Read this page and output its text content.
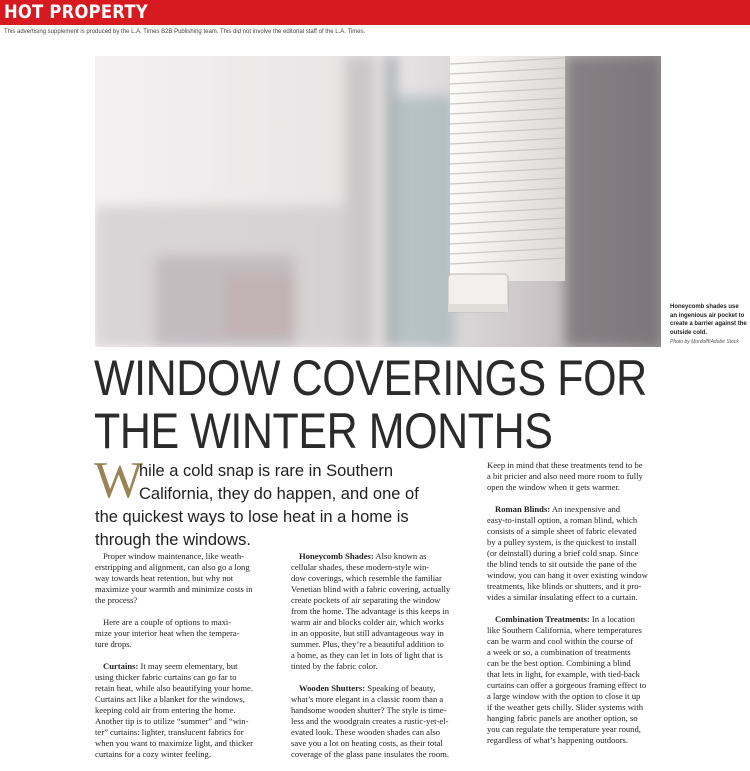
HOT PROPERTY
This advertising supplement is produced by the L.A. Times B2B Publishing team. This did not involve the editorial staff of the L.A. Times.
Honeycomb shades use
an ingenious air pocket to
create a barrier against the
outside cold.
Photo by Mordolff/Adobe Stock
WINDOW COVERINGS FOR
THE WINTER MONTHS
W
hile a cold snap is rare in Southern
California, they do happen, and one of
the quickest ways to lose heat in a home is
through the windows.

Proper window maintenance, like weath-
erstripping and alignment, can also go a long
way towards heat retention, but why not
maximize your warmth and minimize costs in
the process?

Here are a couple of options to maxi-
mize your interior heat when the tempera-
ture drops.

Curtains: It may seem elementary, but
using thicker fabric curtains can go far to
retain heat, while also beautifying your home.
Curtains act like a blanket for the windows,
keeping cold air from entering the home.
Another tip is to utilize “summer” and “win-
ter” curtains: lighter, translucent fabrics for
when you want to maximize light, and thicker
curtains for a cozy winter feeling.

Honeycomb Shades: Also known as
cellular shades, these modern-style win-
dow coverings, which resemble the familiar
Venetian blind with a fabric covering, actually
create pockets of air separating the window
from the home. The advantage is this keeps in
warm air and blocks colder air, which works
in an opposite, but still advantageous way in
summer. Plus, they’re a beautiful addition to
a home, as they can let in lots of light that is
tinted by the fabric color.

Wooden Shutters: Speaking of beauty,
what’s more elegant in a classic room than a
handsome wooden shutter? The style is time-
less and the woodgrain creates a rustic-yet-el-
evated look. These wooden shades can also
save you a lot on heating costs, as their total
coverage of the glass pane insulates the room.

Keep in mind that these treatments tend to be
a bit pricier and also need more room to fully
open the window when it gets warmer.

Roman Blinds: An inexpensive and
easy-to-install option, a roman blind, which
consists of a simple sheet of fabric elevated
by a pulley system, is the quickest to install
(or deinstall) during a brief cold snap. Since
the blind tends to sit outside the pane of the
window, you can hang it over existing window
treatments, like blinds or shutters, and it pro-
vides a similar insulating effect to a curtain.

Combination Treatments: In a location
like Southern California, where temperatures
can be warm and cool within the course of
a week or so, a combination of treatments
can be the best option. Combining a blind
that lets in light, for example, with tied-back
curtains can offer a gorgeous framing effect to
a large window with the option to close it up
if the weather gets chilly. Slider systems with
hanging fabric panels are another option, so
you can regulate the temperature year round,
regardless of what’s happening outdoors.
